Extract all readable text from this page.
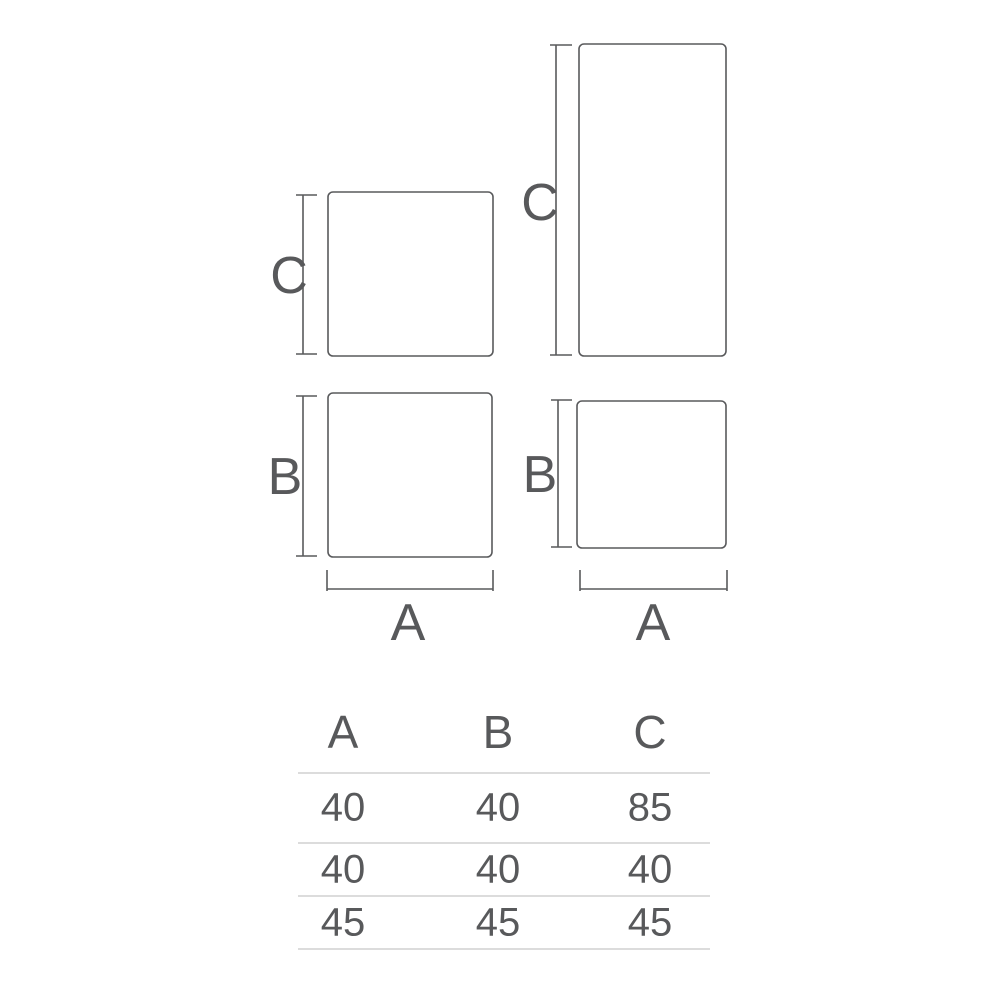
C
C
B	B
A	A
A	B	C
40	40	85
40	40	40
45	45	45
